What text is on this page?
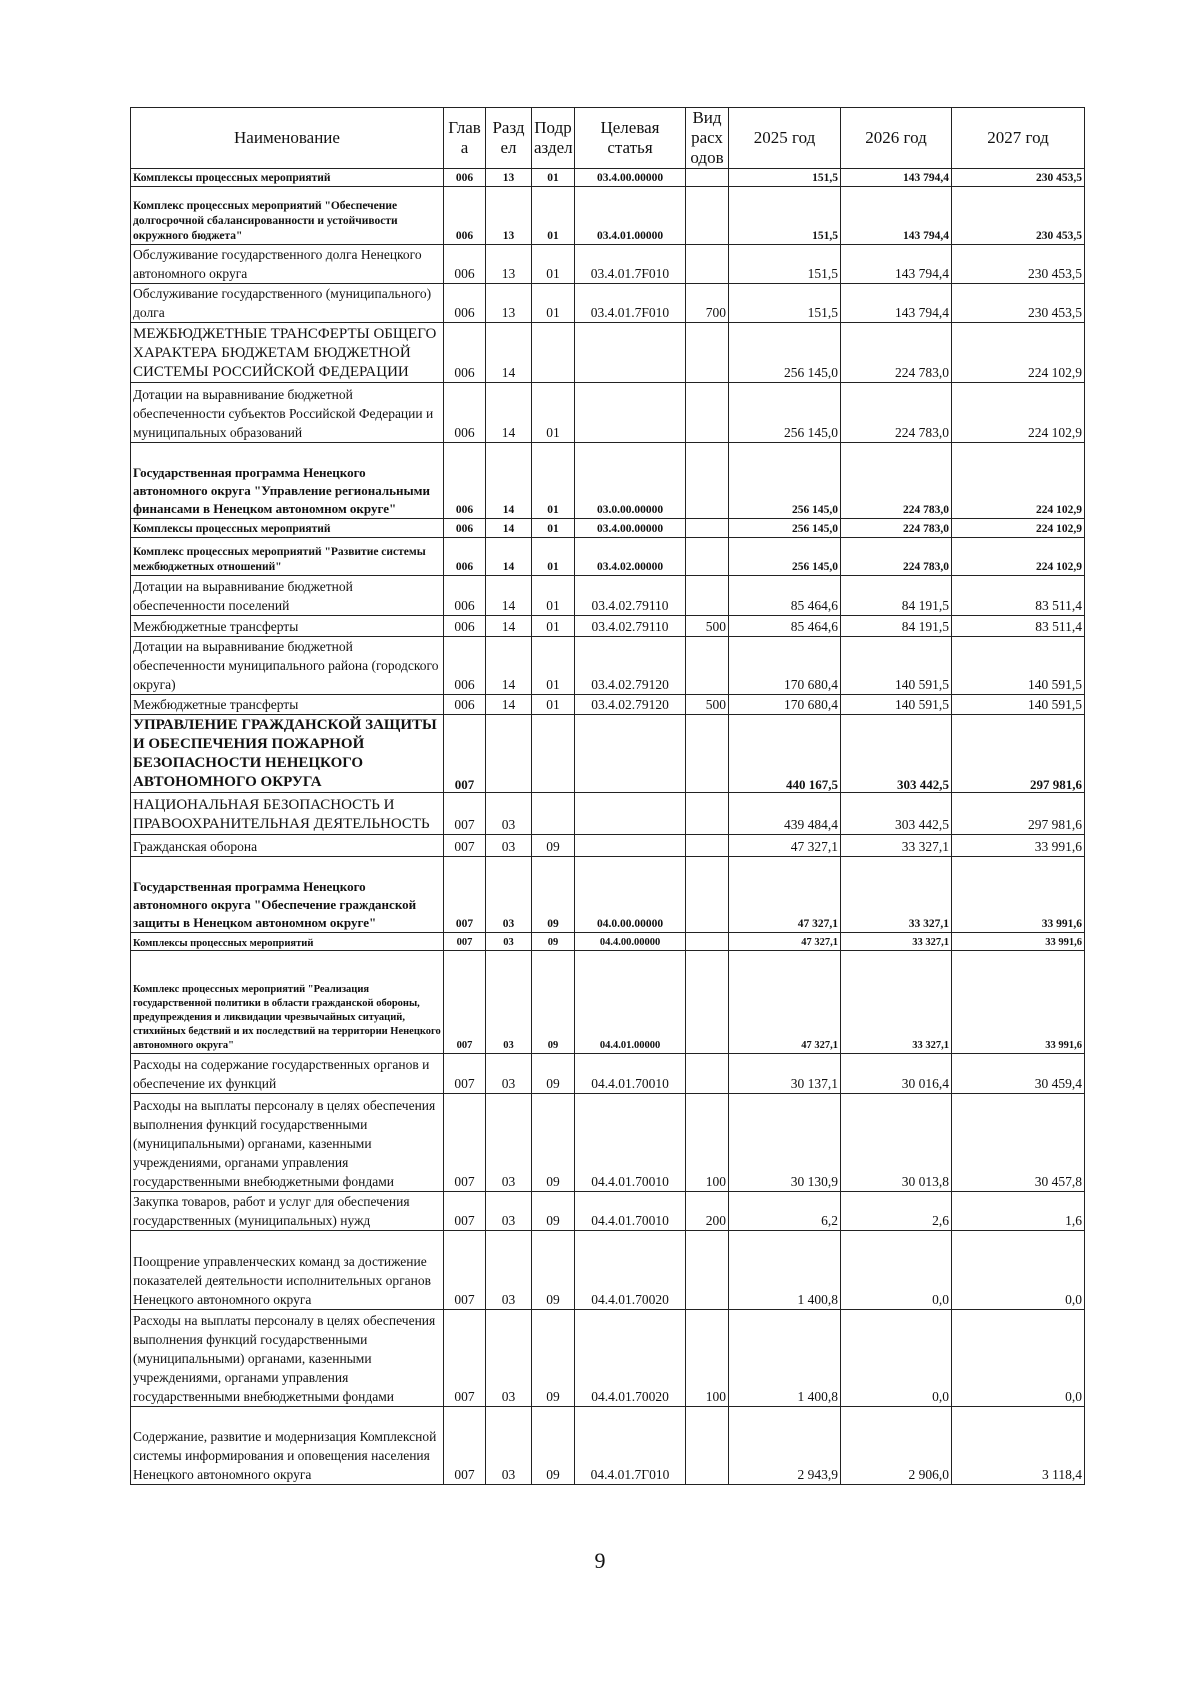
Наименование	Глав а	Разд ел	Подр аздел	Целевая статья	Вид расх одов	2025 год	2026 год	2027 год
Комплексы процессных мероприятий	006	13	01	03.4.00.00000		151,5	143 794,4	230 453,5
Комплекс процессных мероприятий "Обеспечение долгосрочной сбалансированности и устойчивости окружного бюджета"	006	13	01	03.4.01.00000		151,5	143 794,4	230 453,5
Обслуживание государственного долга Ненецкого автономного округа	006	13	01	03.4.01.7F010		151,5	143 794,4	230 453,5
Обслуживание государственного (муниципального) долга	006	13	01	03.4.01.7F010	700	151,5	143 794,4	230 453,5
МЕЖБЮДЖЕТНЫЕ ТРАНСФЕРТЫ ОБЩЕГО ХАРАКТЕРА БЮДЖЕТАМ БЮДЖЕТНОЙ СИСТЕМЫ РОССИЙСКОЙ ФЕДЕРАЦИИ	006	14				256 145,0	224 783,0	224 102,9
Дотации на выравнивание бюджетной обеспеченности субъектов Российской Федерации и муниципальных образований	006	14	01			256 145,0	224 783,0	224 102,9
Государственная программа Ненецкого автономного округа "Управление региональными финансами в Ненецком автономном округе"	006	14	01	03.0.00.00000		256 145,0	224 783,0	224 102,9
Комплексы процессных мероприятий	006	14	01	03.4.00.00000		256 145,0	224 783,0	224 102,9
Комплекс процессных мероприятий "Развитие системы межбюджетных отношений"	006	14	01	03.4.02.00000		256 145,0	224 783,0	224 102,9
Дотации на выравнивание бюджетной обеспеченности поселений	006	14	01	03.4.02.79110		85 464,6	84 191,5	83 511,4
Межбюджетные трансферты	006	14	01	03.4.02.79110	500	85 464,6	84 191,5	83 511,4
Дотации на выравнивание бюджетной обеспеченности муниципального района (городского округа)	006	14	01	03.4.02.79120		170 680,4	140 591,5	140 591,5
Межбюджетные трансферты	006	14	01	03.4.02.79120	500	170 680,4	140 591,5	140 591,5
УПРАВЛЕНИЕ ГРАЖДАНСКОЙ ЗАЩИТЫ И ОБЕСПЕЧЕНИЯ ПОЖАРНОЙ БЕЗОПАСНОСТИ НЕНЕЦКОГО АВТОНОМНОГО ОКРУГА	007					440 167,5	303 442,5	297 981,6
НАЦИОНАЛЬНАЯ БЕЗОПАСНОСТЬ И ПРАВООХРАНИТЕЛЬНАЯ ДЕЯТЕЛЬНОСТЬ	007	03				439 484,4	303 442,5	297 981,6
Гражданская оборона	007	03	09			47 327,1	33 327,1	33 991,6
Государственная программа Ненецкого автономного округа "Обеспечение гражданской защиты в Ненецком автономном округе"	007	03	09	04.0.00.00000		47 327,1	33 327,1	33 991,6
Комплексы процессных мероприятий	007	03	09	04.4.00.00000		47 327,1	33 327,1	33 991,6
Комплекс процессных мероприятий "Реализация государственной политики в области гражданской обороны, предупреждения и ликвидации чрезвычайных ситуаций, стихийных бедствий и их последствий на территории Ненецкого автономного округа"	007	03	09	04.4.01.00000		47 327,1	33 327,1	33 991,6
Расходы на содержание государственных органов и обеспечение их функций	007	03	09	04.4.01.70010		30 137,1	30 016,4	30 459,4
Расходы на выплаты персоналу в целях обеспечения выполнения функций государственными (муниципальными) органами, казенными учреждениями, органами управления государственными внебюджетными фондами	007	03	09	04.4.01.70010	100	30 130,9	30 013,8	30 457,8
Закупка товаров, работ и услуг для обеспечения государственных (муниципальных) нужд	007	03	09	04.4.01.70010	200	6,2	2,6	1,6
Поощрение управленческих команд за достижение показателей деятельности исполнительных органов Ненецкого автономного округа	007	03	09	04.4.01.70020		1 400,8	0,0	0,0
Расходы на выплаты персоналу в целях обеспечения выполнения функций государственными (муниципальными) органами, казенными учреждениями, органами управления государственными внебюджетными фондами	007	03	09	04.4.01.70020	100	1 400,8	0,0	0,0
Содержание, развитие и модернизация Комплексной системы информирования и оповещения населения Ненецкого автономного округа	007	03	09	04.4.01.7Г010		2 943,9	2 906,0	3 118,4
9
